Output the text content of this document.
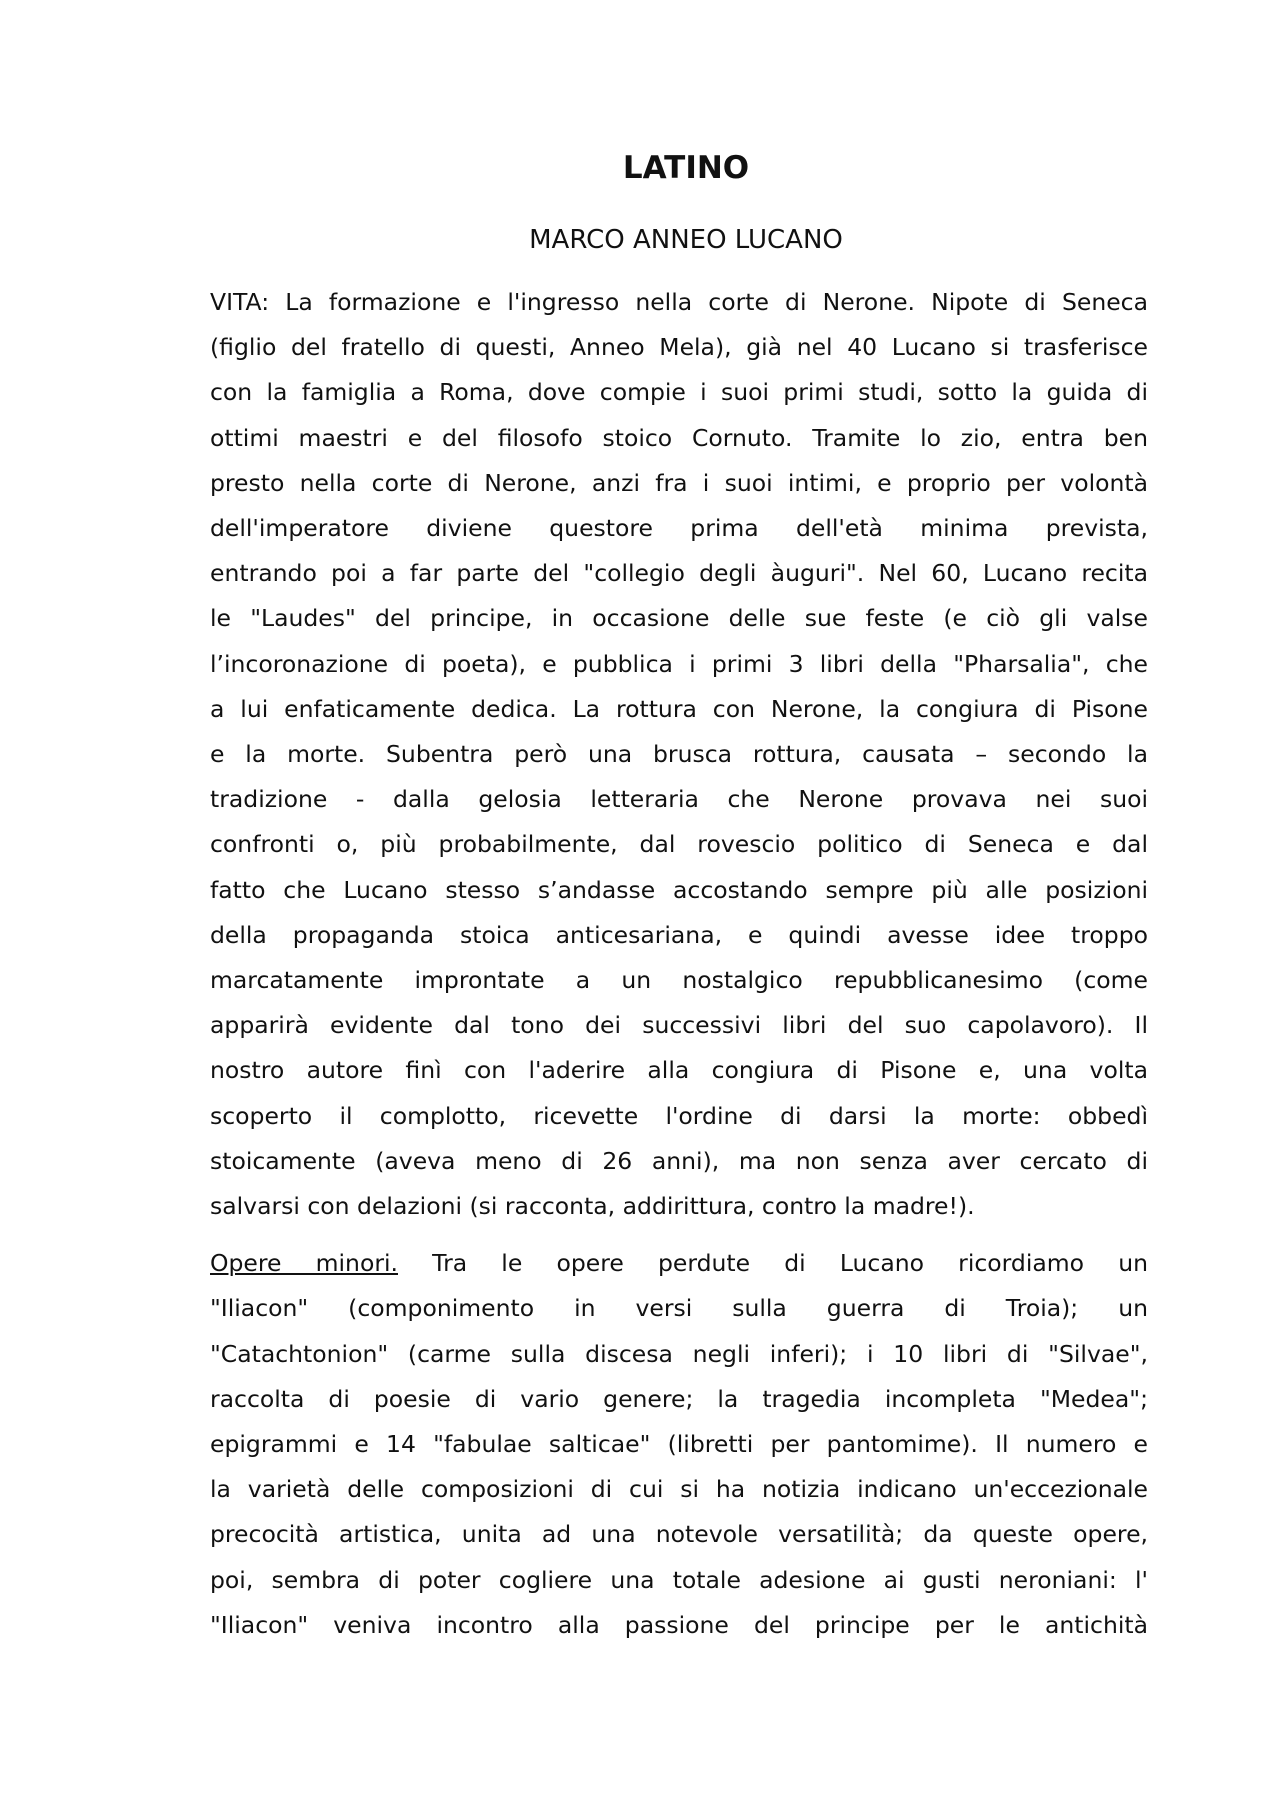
LATINO
MARCO ANNEO LUCANO

VITA: La formazione e l'ingresso nella corte di Nerone. Nipote di Seneca
(figlio del fratello di questi, Anneo Mela), già nel 40 Lucano si trasferisce
con la famiglia a Roma, dove compie i suoi primi studi, sotto la guida di
ottimi maestri e del filosofo stoico Cornuto. Tramite lo zio, entra ben
presto nella corte di Nerone, anzi fra i suoi intimi, e proprio per volontà
dell'imperatore diviene questore prima dell'età minima prevista,
entrando poi a far parte del "collegio degli àuguri". Nel 60, Lucano recita
le "Laudes" del principe, in occasione delle sue feste (e ciò gli valse
l’incoronazione di poeta), e pubblica i primi 3 libri della "Pharsalia", che
a lui enfaticamente dedica. La rottura con Nerone, la congiura di Pisone
e la morte. Subentra però una brusca rottura, causata – secondo la
tradizione - dalla gelosia letteraria che Nerone provava nei suoi
confronti o, più probabilmente, dal rovescio politico di Seneca e dal
fatto che Lucano stesso s’andasse accostando sempre più alle posizioni
della propaganda stoica anticesariana, e quindi avesse idee troppo
marcatamente improntate a un nostalgico repubblicanesimo (come
apparirà evidente dal tono dei successivi libri del suo capolavoro). Il
nostro autore finì con l'aderire alla congiura di Pisone e, una volta
scoperto il complotto, ricevette l'ordine di darsi la morte: obbedì
stoicamente (aveva meno di 26 anni), ma non senza aver cercato di
salvarsi con delazioni (si racconta, addirittura, contro la madre!).

Opere minori. Tra le opere perdute di Lucano ricordiamo un
"Iliacon" (componimento in versi sulla guerra di Troia); un
"Catachtonion" (carme sulla discesa negli inferi); i 10 libri di "Silvae",
raccolta di poesie di vario genere; la tragedia incompleta "Medea";
epigrammi e 14 "fabulae salticae" (libretti per pantomime). Il numero e
la varietà delle composizioni di cui si ha notizia indicano un'eccezionale
precocità artistica, unita ad una notevole versatilità; da queste opere,
poi, sembra di poter cogliere una totale adesione ai gusti neroniani: l'
"Iliacon" veniva incontro alla passione del principe per le antichità
